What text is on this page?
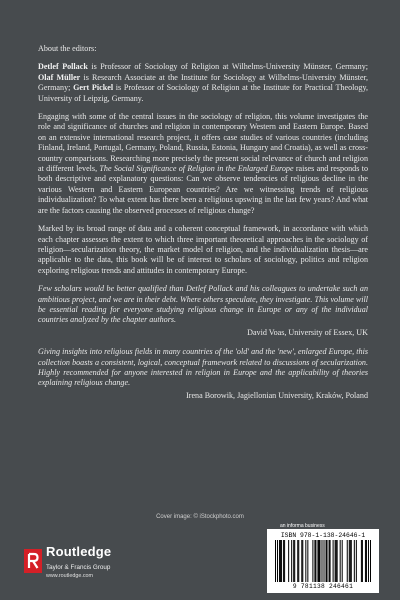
About the editors:

Detlef Pollack is Professor of Sociology of Religion at Wilhelms-University Münster, Germany; Olaf Müller is Research Associate at the Institute for Sociology at Wilhelms-University Münster, Germany; Gert Pickel is Professor of Sociology of Religion at the Institute for Practical Theology, University of Leipzig, Germany.

Engaging with some of the central issues in the sociology of religion, this volume investigates the role and significance of churches and religion in contemporary Western and Eastern Europe. Based on an extensive international research project, it offers case studies of various countries (including Finland, Ireland, Portugal, Germany, Poland, Russia, Estonia, Hungary and Croatia), as well as cross-country comparisons. Researching more precisely the present social relevance of church and religion at different levels, The Social Significance of Religion in the Enlarged Europe raises and responds to both descriptive and explanatory questions: Can we observe tendencies of religious decline in the various Western and Eastern European countries? Are we witnessing trends of religious individualization? To what extent has there been a religious upswing in the last few years? And what are the factors causing the observed processes of religious change?

Marked by its broad range of data and a coherent conceptual framework, in accordance with which each chapter assesses the extent to which three important theoretical approaches in the sociology of religion—secularization theory, the market model of religion, and the individualization thesis—are applicable to the data, this book will be of interest to scholars of sociology, politics and religion exploring religious trends and attitudes in contemporary Europe.

Few scholars would be better qualified than Detlef Pollack and his colleagues to undertake such an ambitious project, and we are in their debt. Where others speculate, they investigate. This volume will be essential reading for everyone studying religious change in Europe or any of the individual countries analyzed by the chapter authors.

David Voas, University of Essex, UK

Giving insights into religious fields in many countries of the 'old' and the 'new', enlarged Europe, this collection boasts a consistent, logical, conceptual framework related to discussions of secularization. Highly recommended for anyone interested in religion in Europe and the applicability of theories explaining religious change.

Irena Borowik, Jagiellonian University, Kraków, Poland

Cover image: © iStockphoto.com
Routledge
Taylor & Francis Group
www.routledge.com
an informa business
ISBN 978-1-138-24646-1
9 781138 246461
